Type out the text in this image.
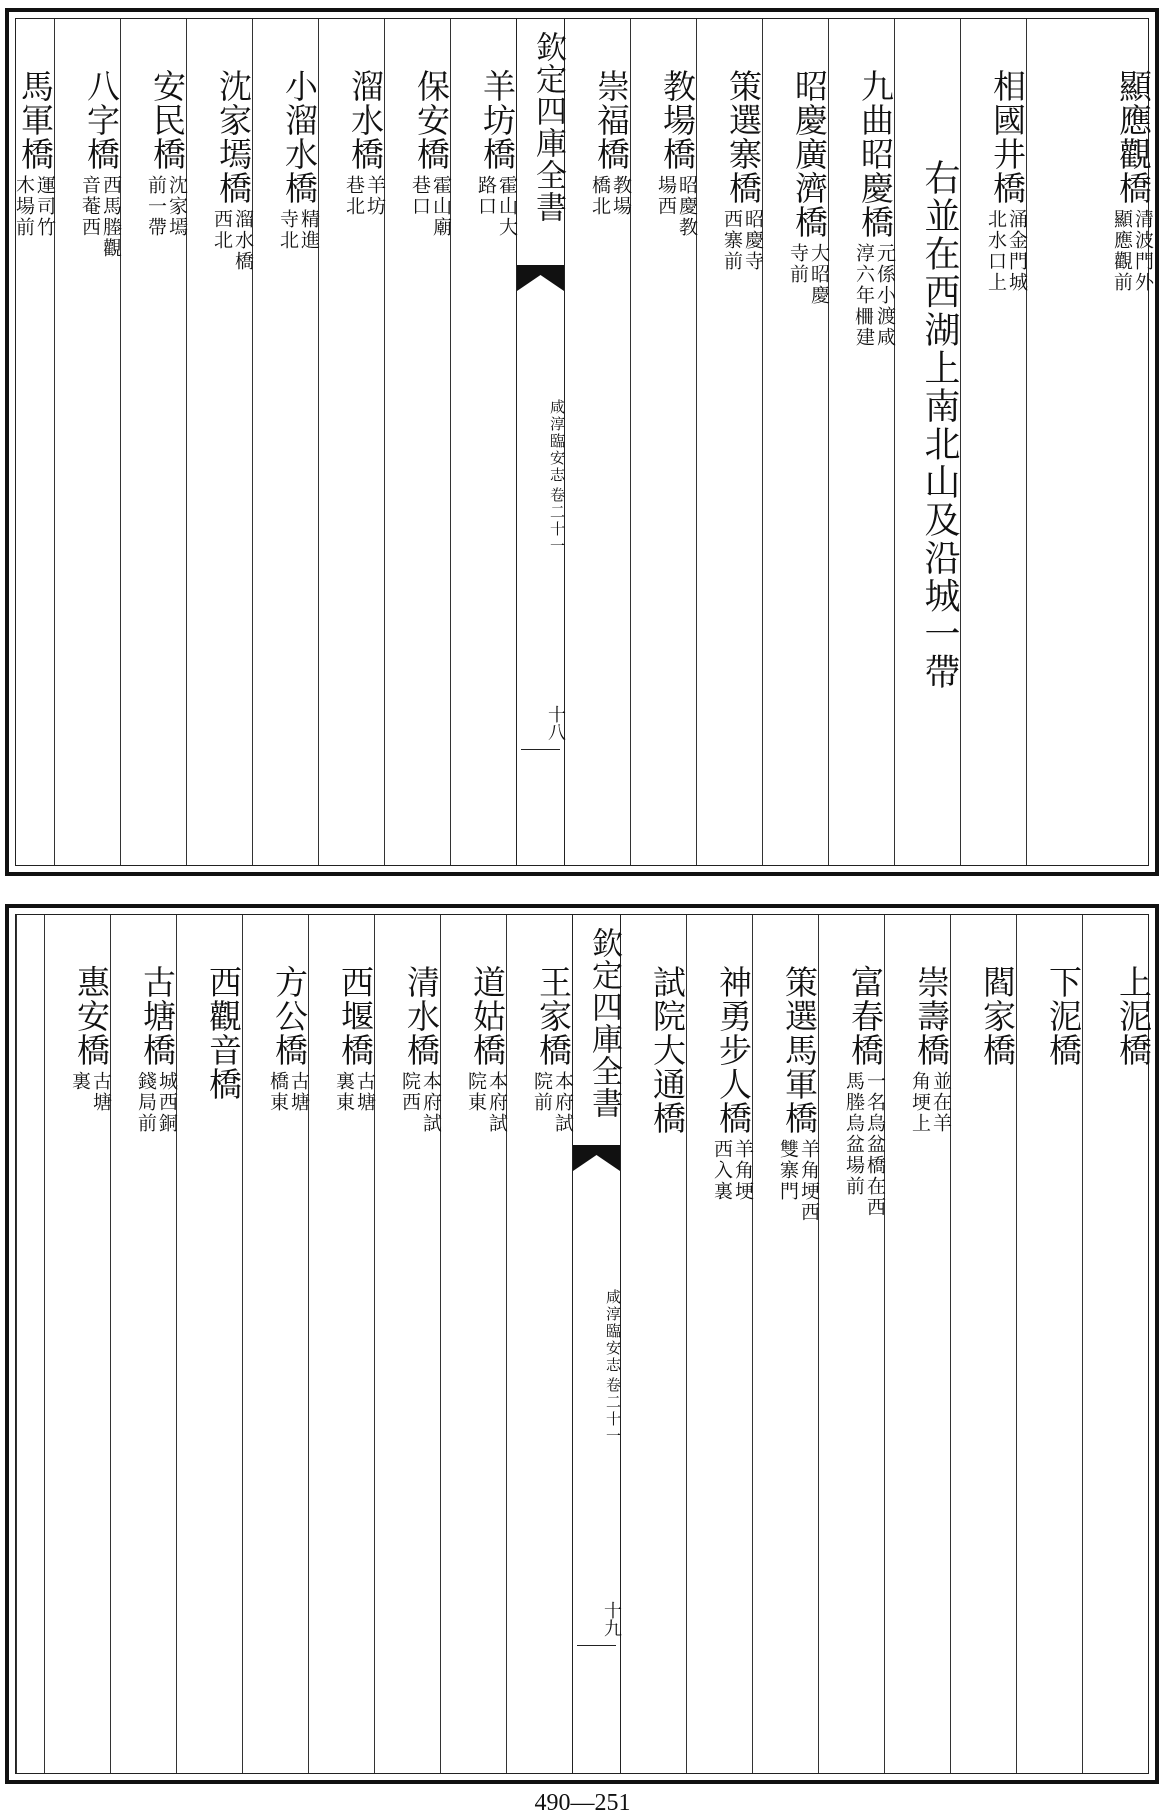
顯應觀橋
清波門外
顯應觀前
相國井橋
涌金門城
北水口上
右並在西湖上南北山及沿城一帶
九曲昭慶橋
元係小渡咸
淳六年𣑭建
昭慶廣濟橋
大昭慶
寺前
策選寨橋
昭慶寺
西寨前
教場橋
昭慶教
場西
崇福橋
教場
橋北
欽定四庫全書
咸淳臨安志
卷二十一
十八
羊坊橋
霍山大
路口
保安橋
霍山廟
巷口
溜水橋
羊坊
巷北
小溜水橋
精進
寺北
沈家墕橋
溜水橋
西北
安民橋
沈家墕
前一帶
八字橋
西馬塍觀
音菴西
馬軍橋
運司竹
木場前
上泥橋
下泥橋
閻家橋
崇壽橋
並在羊
角埂上
富春橋
一名烏盆橋在西
馬塍烏盆場前
策選馬軍橋
羊角埂西
雙寨門
神勇步人橋
羊角埂
西入裏
試院大通橋
欽定四庫全書
咸淳臨安志
卷二十一
十九
王家橋
本府試
院前
道姑橋
本府試
院東
清水橋
本府試
院西
西堰橋
古塘
裏東
方公橋
古塘
橋東
西觀音橋
古塘橋
城西銅
錢局前
惠安橋
古塘
裏
490—251
